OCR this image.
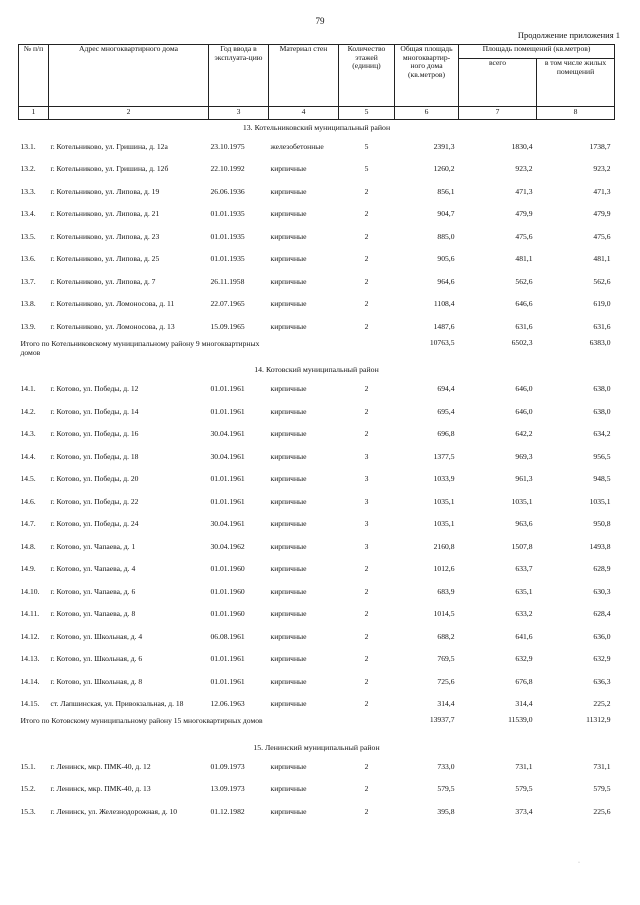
79
Продолжение приложения 1
№ п/п	Адрес многоквартирного дома	Год ввода в эксплуата-цию	Материал стен	Количество этажей (единиц)	Общая площадь многоквартир-ного дома (кв.метров)	Площадь помещений (кв.метров)	
						всего	в том числе жилых помещений
1	2	3	4	5	6	7	8
13. Котельниковский муниципальный район							
13.1.	г. Котельниково, ул. Гришина, д. 12а	23.10.1975	железобетонные	5	2391,3	1830,4	1738,7
13.2.	г. Котельниково, ул. Гришина, д. 12б	22.10.1992	кирпичные	5	1260,2	923,2	923,2
13.3.	г. Котельниково, ул. Липова, д. 19	26.06.1936	кирпичные	2	856,1	471,3	471,3
13.4.	г. Котельниково, ул. Липова, д. 21	01.01.1935	кирпичные	2	904,7	479,9	479,9
13.5.	г. Котельниково, ул. Липова, д. 23	01.01.1935	кирпичные	2	885,0	475,6	475,6
13.6.	г. Котельниково, ул. Липова, д. 25	01.01.1935	кирпичные	2	905,6	481,1	481,1
13.7.	г. Котельниково, ул. Липова, д. 7	26.11.1958	кирпичные	2	964,6	562,6	562,6
13.8.	г. Котельниково, ул. Ломоносова, д. 11	22.07.1965	кирпичные	2	1108,4	646,6	619,0
13.9.	г. Котельниково, ул. Ломоносова, д. 13	15.09.1965	кирпичные	2	1487,6	631,6	631,6
Итого по Котельниковскому муниципальному району 9 многоквартирных домов					10763,5	6502,3	6383,0
14. Котовский муниципальный район							
14.1.	г. Котово, ул. Победы, д. 12	01.01.1961	кирпичные	2	694,4	646,0	638,0
14.2.	г. Котово, ул. Победы, д. 14	01.01.1961	кирпичные	2	695,4	646,0	638,0
14.3.	г. Котово, ул. Победы, д. 16	30.04.1961	кирпичные	2	696,8	642,2	634,2
14.4.	г. Котово, ул. Победы, д. 18	30.04.1961	кирпичные	3	1377,5	969,3	956,5
14.5.	г. Котово, ул. Победы, д. 20	01.01.1961	кирпичные	3	1033,9	961,3	948,5
14.6.	г. Котово, ул. Победы, д. 22	01.01.1961	кирпичные	3	1035,1	1035,1	1035,1
14.7.	г. Котово, ул. Победы, д. 24	30.04.1961	кирпичные	3	1035,1	963,6	950,8
14.8.	г. Котово, ул. Чапаева, д. 1	30.04.1962	кирпичные	3	2160,8	1507,8	1493,8
14.9.	г. Котово, ул. Чапаева, д. 4	01.01.1960	кирпичные	2	1012,6	633,7	628,9
14.10.	г. Котово, ул. Чапаева, д. 6	01.01.1960	кирпичные	2	683,9	635,1	630,3
14.11.	г. Котово, ул. Чапаева, д. 8	01.01.1960	кирпичные	2	1014,5	633,2	628,4
14.12.	г. Котово, ул. Школьная, д. 4	06.08.1961	кирпичные	2	688,2	641,6	636,0
14.13.	г. Котово, ул. Школьная, д. 6	01.01.1961	кирпичные	2	769,5	632,9	632,9
14.14.	г. Котово, ул. Школьная, д. 8	01.01.1961	кирпичные	2	725,6	676,8	636,3
14.15.	ст. Лапшинская, ул. Привокзальная, д. 18	12.06.1963	кирпичные	2	314,4	314,4	225,2
Итого по Котовскому муниципальному району 15 многоквартирных домов					13937,7	11539,0	11312,9
15. Ленинский муниципальный район							
15.1.	г. Ленинск, мкр. ПМК-40, д. 12	01.09.1973	кирпичные	2	733,0	731,1	731,1
15.2.	г. Ленинск, мкр. ПМК-40, д. 13	13.09.1973	кирпичные	2	579,5	579,5	579,5
15.3.	г. Ленинск, ул. Железнодорожная, д. 10	01.12.1982	кирпичные	2	395,8	373,4	225,6
·
